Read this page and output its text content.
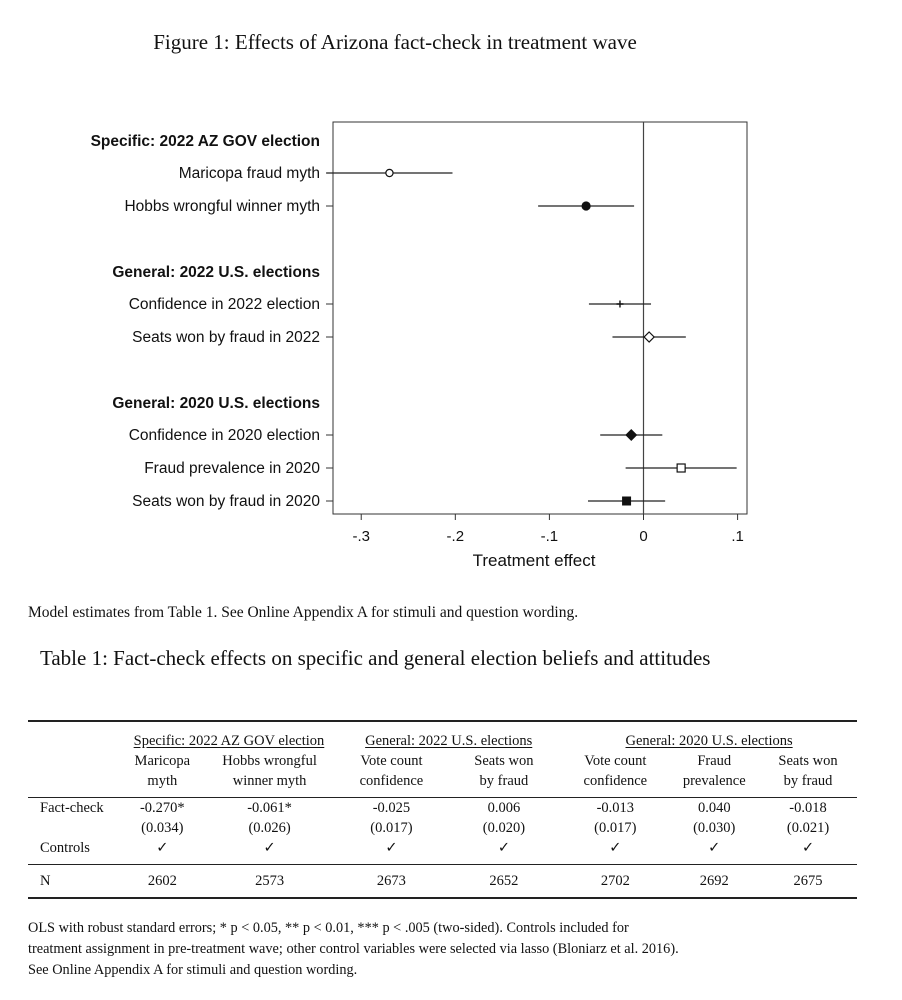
Figure 1: Effects of Arizona fact-check in treatment wave
-.3	-.2	-.1	0	.1
Treatment effect
Specific: 2022 AZ GOV election
Maricopa fraud myth
Hobbs wrongful winner myth
General: 2022 U.S. elections
Confidence in 2022 election
Seats won by fraud in 2022
General: 2020 U.S. elections
Confidence in 2020 election
Fraud prevalence in 2020
Seats won by fraud in 2020
Model estimates from Table 1. See Online Appendix A for stimuli and question wording.
Table 1: Fact-check effects on specific and general election beliefs and attitudes

	Specific: 2022 AZ GOV election		General: 2022 U.S. elections		General: 2020 U.S. elections		
	Maricopa	Hobbs wrongful	Vote count	Seats won	Vote count	Fraud	Seats won
	myth	winner myth	confidence	by fraud	confidence	prevalence	by fraud

Fact-check	-0.270*	-0.061*	-0.025	0.006	-0.013	0.040	-0.018
	(0.034)	(0.026)	(0.017)	(0.020)	(0.017)	(0.030)	(0.021)
Controls	✓	✓	✓	✓	✓	✓	✓

N	2602	2573	2673	2652	2702	2692	2675

OLS with robust standard errors; * p < 0.05, ** p < 0.01, *** p < .005 (two-sided). Controls included for
treatment assignment in pre-treatment wave; other control variables were selected via lasso (Bloniarz et al. 2016).
See Online Appendix A for stimuli and question wording.
